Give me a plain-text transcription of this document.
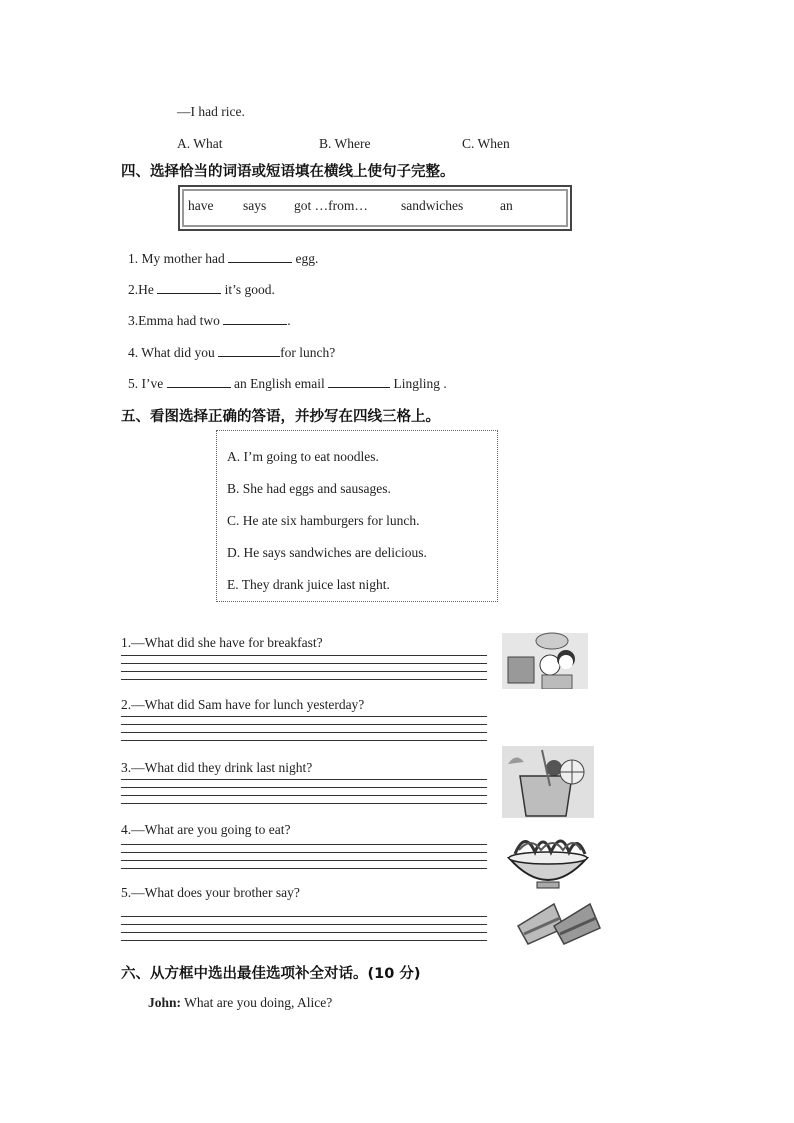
—I had rice.
A. What	B. Where	C. When
四、选择恰当的词语或短语填在横线上使句子完整。
have says got …from… sandwiches	an
1. My mother had	egg.
2.He	it’s good.
3.Emma had two	.
4. What did you	for lunch?
5. I’ve	an English email	Lingling .
五、看图选择正确的答语，并抄写在四线三格上。
A. I’m going to eat noodles.
B. She had eggs and sausages.
C. He ate six hamburgers for lunch.
D. He says sandwiches are delicious.
E. They drank juice last night.
1.—What did she have for breakfast?
2.—What did Sam have for lunch yesterday?
3.—What did they drink last night?
4.—What are you going to eat?
5.—What does your brother say?
六、从方框中选出最佳选项补全对话。(10 分)
John: What are you doing, Alice?
